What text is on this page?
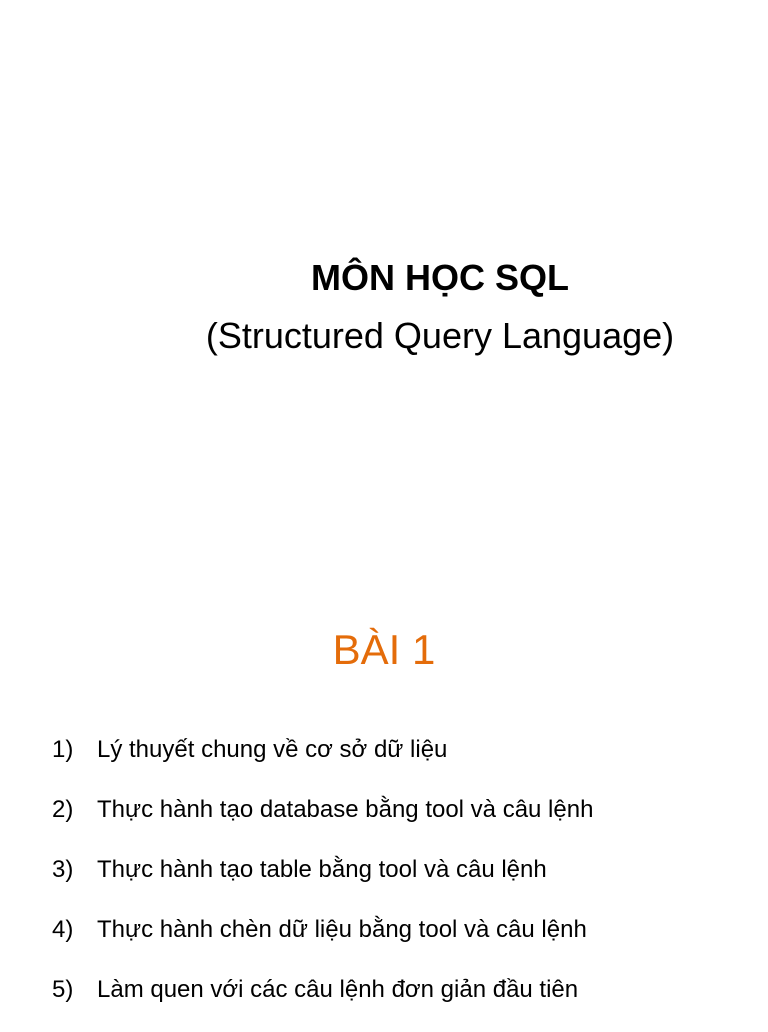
MÔN HỌC SQL
(Structured Query Language)
BÀI 1
1) Lý thuyết chung về cơ sở dữ liệu
2) Thực hành tạo database bằng tool và câu lệnh
3) Thực hành tạo table bằng tool và câu lệnh
4) Thực hành chèn dữ liệu bằng tool và câu lệnh
5) Làm quen với các câu lệnh đơn giản đầu tiên
